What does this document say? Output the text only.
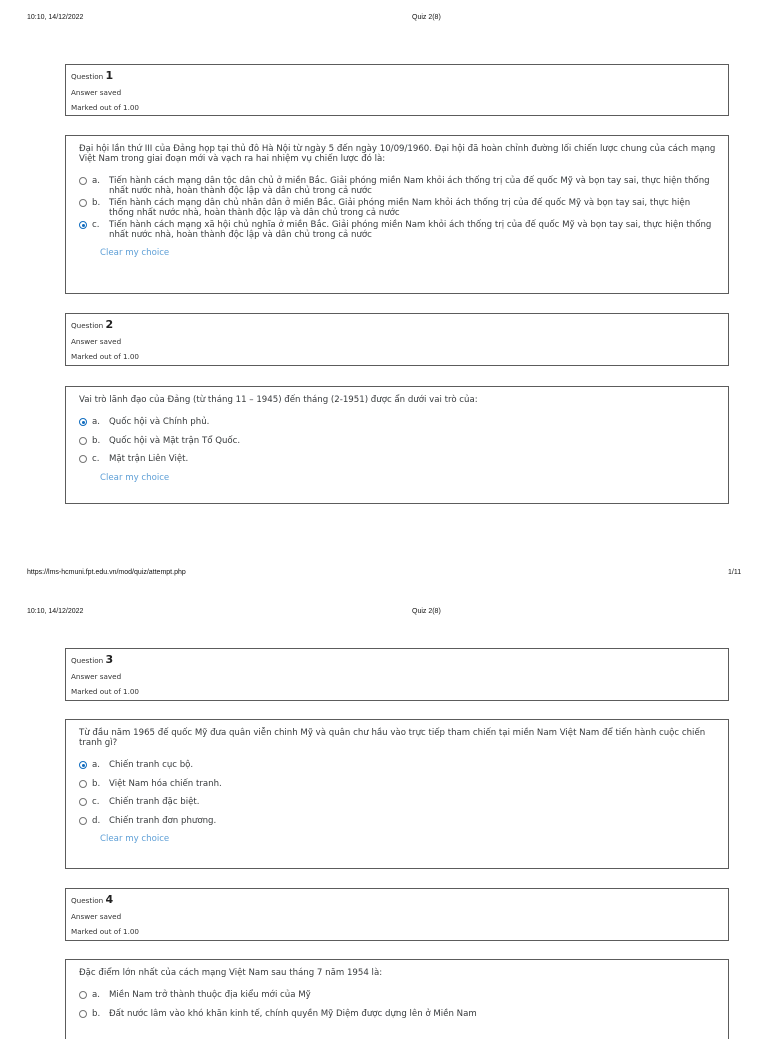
10:10, 14/12/2022	Quiz 2(8)
Question 1
Answer saved
Marked out of 1.00
Đại hội lần thứ III của Đảng họp tại thủ đô Hà Nội từ ngày 5 đến ngày 10/09/1960. Đại hội đã hoàn chỉnh đường lối chiến lược chung của cách mạng Việt Nam trong giai đoạn mới và vạch ra hai nhiệm vụ chiến lược đó là:
a.	Tiến hành cách mạng dân tộc dân chủ ở miền Bắc. Giải phóng miền Nam khỏi ách thống trị của đế quốc Mỹ và bọn tay sai, thực hiện thống nhất nước nhà, hoàn thành độc lập và dân chủ trong cả nước
b.	Tiến hành cách mạng dân chủ nhân dân ở miền Bắc. Giải phóng miền Nam khỏi ách thống trị của đế quốc Mỹ và bọn tay sai, thực hiện thống nhất nước nhà, hoàn thành độc lập và dân chủ trong cả nước
c.	Tiến hành cách mạng xã hội chủ nghĩa ở miền Bắc. Giải phóng miền Nam khỏi ách thống trị của đế quốc Mỹ và bọn tay sai, thực hiện thống nhất nước nhà, hoàn thành độc lập và dân chủ trong cả nước
Clear my choice
Question 2
Answer saved
Marked out of 1.00
Vai trò lãnh đạo của Đảng (từ tháng 11 – 1945) đến tháng (2-1951) được ẩn dưới vai trò của:
a.	Quốc hội và Chính phủ.
b.	Quốc hội và Mặt trận Tổ Quốc.
c.	Mặt trận Liên Việt.
Clear my choice
https://lms-hcmuni.fpt.edu.vn/mod/quiz/attempt.php	1/11
10:10, 14/12/2022	Quiz 2(8)
Question 3
Answer saved
Marked out of 1.00
Từ đầu năm 1965 đế quốc Mỹ đưa quân viễn chinh Mỹ và quân chư hầu vào trực tiếp tham chiến tại miền Nam Việt Nam để tiến hành cuộc chiến tranh gì?
a.	Chiến tranh cục bộ.
b.	Việt Nam hóa chiến tranh.
c.	Chiến tranh đặc biệt.
d.	Chiến tranh đơn phương.
Clear my choice
Question 4
Answer saved
Marked out of 1.00
Đặc điểm lớn nhất của cách mạng Việt Nam sau tháng 7 năm 1954 là:
a.	Miền Nam trở thành thuộc địa kiểu mới của Mỹ
b.	Đất nước lâm vào khó khăn kinh tế, chính quyền Mỹ Diệm được dựng lên ở Miền Nam
